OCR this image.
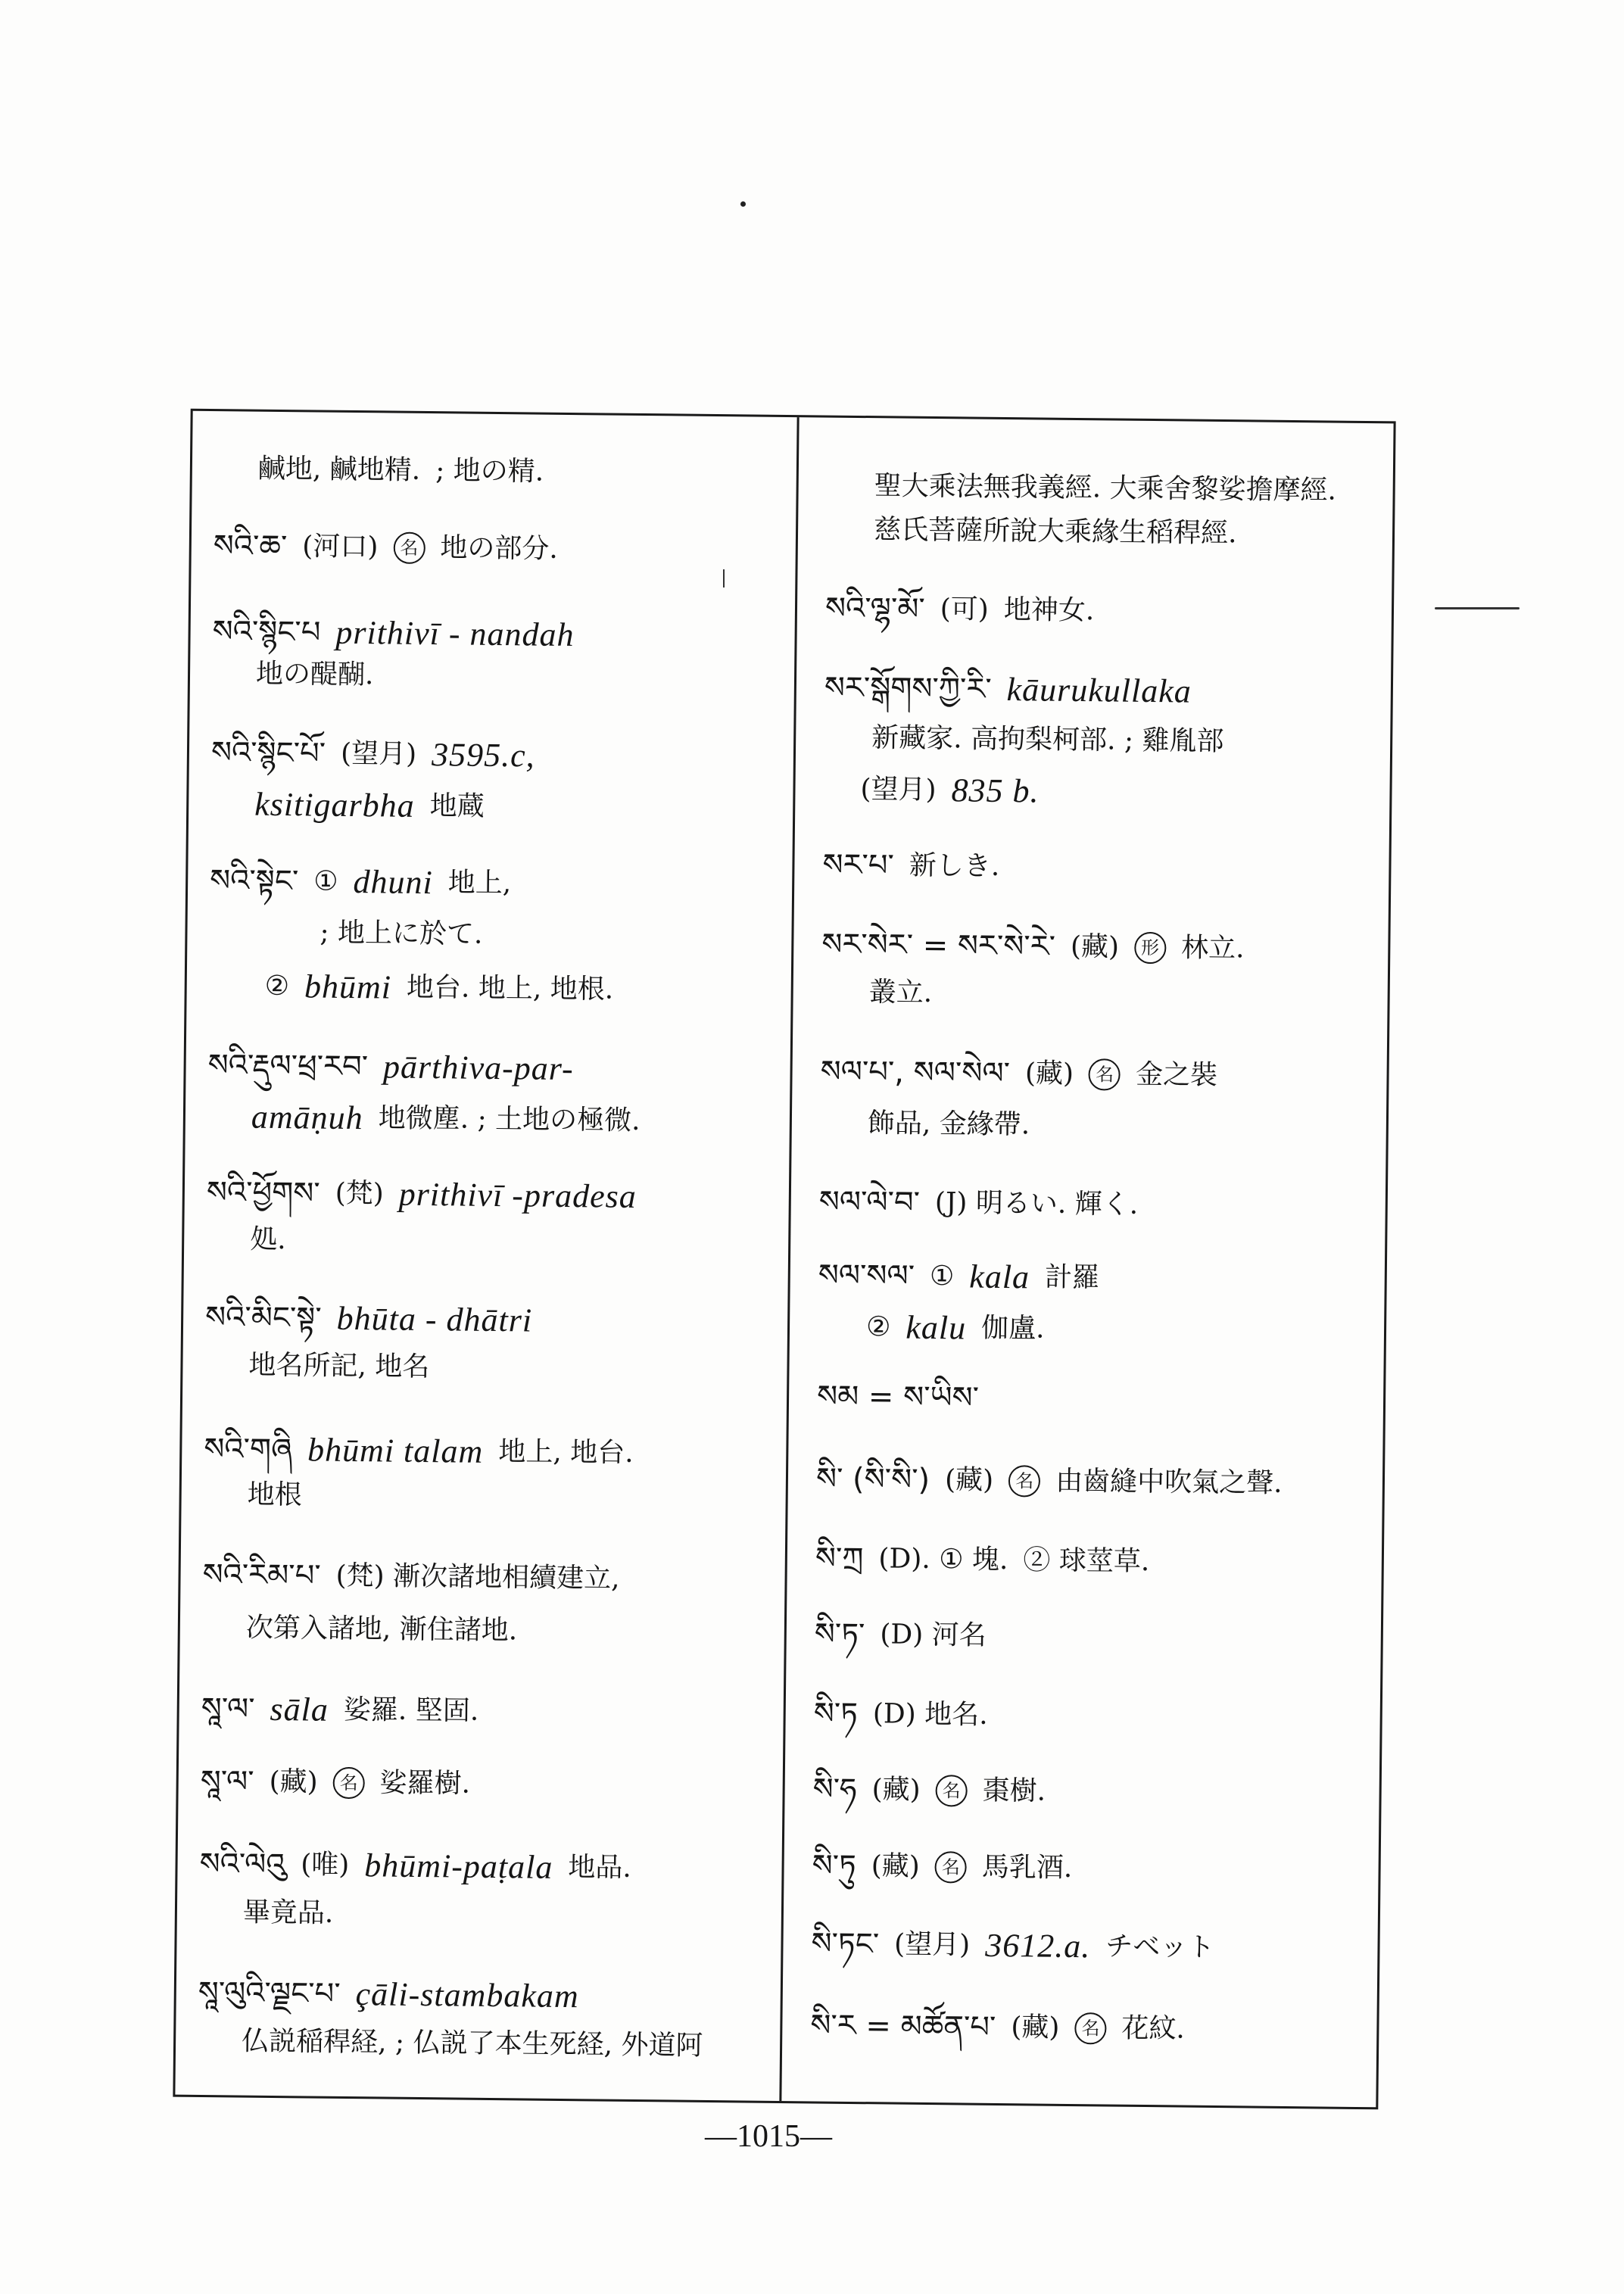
鹹地, 鹹地精. ; 地の精.
སའི་ཆ་ (河口) 名 地の部分.
སའི་སྙིང་པ prithivī - nandah
地の醍醐.
སའི་སྙིང་པོ་ (望月) 3595.c,
ksitigarbha 地蔵
སའི་སྟེང་ ① dhuni 地上,
; 地上に於て.
② bhūmi 地台. 地上, 地根.
སའི་རྡུལ་ཕྲ་རབ་ pārthiva-par-
amāṇuh 地微塵. ; 土地の極微.
སའི་ཕྱོགས་ (梵) prithivī -pradesa
処.
སའི་མིང་སྟེ་ bhūta - dhātri
地名所記, 地名
སའི་གཞི bhūmi talam 地上, 地台.
地根
སའི་རིམ་པ་ (梵) 漸次諸地相續建立,
次第入諸地, 漸住諸地.
སཱ་ལ་ sāla 娑羅. 堅固.
སཱ་ལ་ (藏) 名 娑羅樹.
སའི་ལེའུ (唯) bhūmi-paṭala 地品.
畢竟品.
སཱ་ལུའི་ལྗང་པ་ çāli-stambakam
仏説稲稈経, ; 仏説了本生死経, 外道阿
聖大乘法無我義經. 大乘舍黎娑擔摩經.
慈氏菩薩所說大乘緣生稻稈經.
སའི་ལྷ་མོ་ (可) 地神女.
སར་སྒོགས་ཀྱི་རི་ kāurukullaka
新藏家. 高拘梨柯部. ; 雞胤部
(望月) 835 b.
སར་པ་ 新しき.
སར་སེར་ = སར་སེ་རེ་ (藏) 形 林立.
叢立.
སལ་པ་, སལ་སེལ་ (藏) 名 金之裝
飾品, 金緣帶.
སལ་ལེ་བ་ (J) 明るい. 輝く.
སལ་སལ་ ① kala 計羅
② kalu 伽盧.
སམ = ས་ཡིས་
སི་ (སི་སི་) (藏) 名 由齒縫中吹氣之聲.
སི་ཀྲ (D). ① 塊. ② 球莖草.
སི་ཏ་ (D) 河名
སི་ཏ (D) 地名.
སི་ཧ (藏) 名 棗樹.
སི་ཏུ (藏) 名 馬乳酒.
སི་ཏང་ (望月) 3612.a. チベット
སི་ར = མཚོན་པ་ (藏) 名 花紋.
—1015—
